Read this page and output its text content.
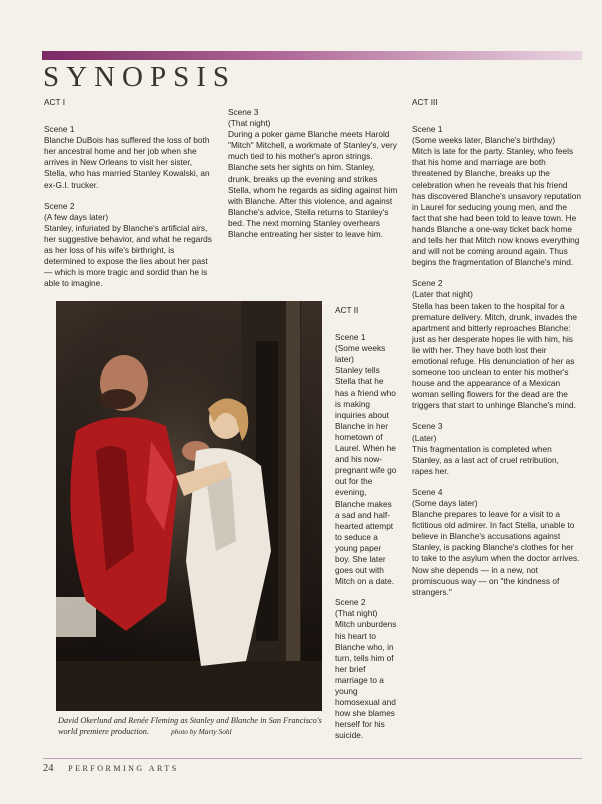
SYNOPSIS
ACT I

Scene 1
Blanche DuBois has suffered the loss of both her ancestral home and her job when she arrives in New Orleans to visit her sister, Stella, who has married Stanley Kowalski, an ex-G.I. trucker.

Scene 2
(A few days later)
Stanley, infuriated by Blanche's artificial airs, her suggestive behavior, and what he regards as her loss of his wife's birthright, is determined to expose the lies about her past — which is more tragic and sordid than he is able to imagine.

Scene 3
(That night)
During a poker game Blanche meets Harold "Mitch" Mitchell, a workmate of Stanley's, very much tied to his mother's apron strings. Blanche sets her sights on him. Stanley, drunk, breaks up the evening and strikes Stella, whom he regards as siding against him with Blanche. After this violence, and against Blanche's advice, Stella returns to Stanley's bed. The next morning Stanley overhears Blanche entreating her sister to leave him.

ACT III

Scene 1
(Some weeks later, Blanche's birthday)
Mitch is late for the party. Stanley, who feels that his home and marriage are both threatened by Blanche, breaks up the celebration when he reveals that his friend has discovered Blanche's unsavory reputation in Laurel for seducing young men, and the fact that she had been told to leave town. He hands Blanche a one-way ticket back home and tells her that Mitch now knows everything and will not be coming around again. Thus begins the fragmentation of Blanche's mind.

Scene 2
(Later that night)
Stella has been taken to the hospital for a premature delivery. Mitch, drunk, invades the apartment and bitterly reproaches Blanche: just as her desperate hopes lie with him, his lie with her. They have both lost their emotional refuge. His denunciation of her as someone too unclean to enter his mother's house and the appearance of a Mexican woman selling flowers for the dead are the triggers that start to unhinge Blanche's mind.

Scene 3
(Later)
This fragmentation is completed when Stanley, as a last act of cruel retribution, rapes her.

Scene 4
(Some days later)
Blanche prepares to leave for a visit to a fictitious old admirer. In fact Stella, unable to believe in Blanche's accusations against Stanley, is packing Blanche's clothes for her to take to the asylum when the doctor arrives. Now she depends — in a new, not promiscuous way — on "the kindness of strangers."

ACT II

Scene 1
(Some weeks later)
Stanley tells Stella that he has a friend who is making inquiries about Blanche in her hometown of Laurel. When he and his now-pregnant wife go out for the evening, Blanche makes a sad and half-hearted attempt to seduce a young paper boy. She later goes out with Mitch on a date.

Scene 2
(That night)
Mitch unburdens his heart to Blanche who, in turn, tells him of her brief marriage to a young homosexual and how she blames herself for his suicide.

David Okerlund and Renée Fleming as Stanley and Blanche in San Francisco's world premiere production.	photo by Marty Sohl
24 PERFORMING ARTS
